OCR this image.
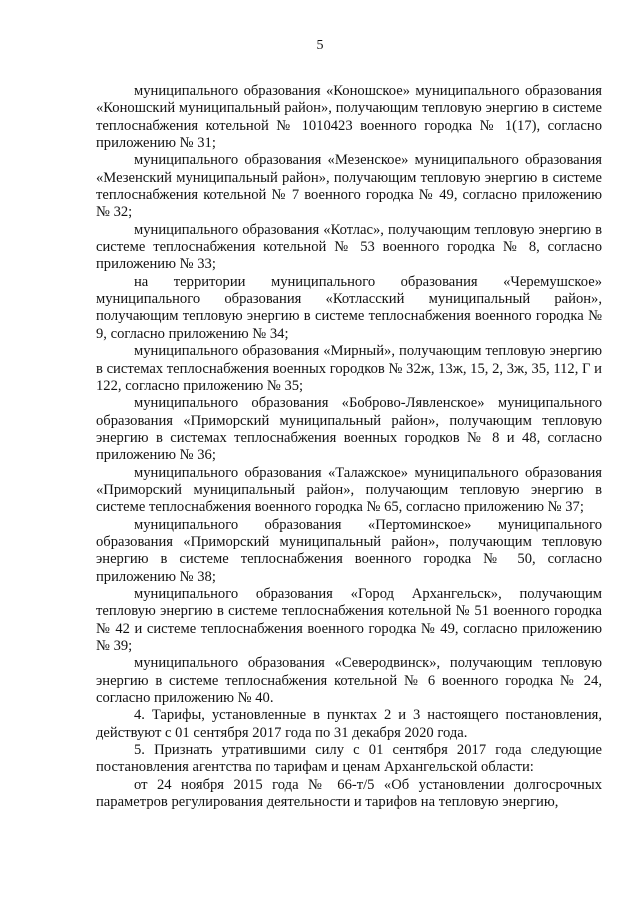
5

муниципального образования «Коношское» муниципального образования «Коношский муниципальный район», получающим тепловую энергию в системе теплоснабжения котельной № 1010423 военного городка № 1(17), согласно приложению № 31;

муниципального образования «Мезенское» муниципального образования «Мезенский муниципальный район», получающим тепловую энергию в системе теплоснабжения котельной № 7 военного городка № 49, согласно приложению № 32;

муниципального образования «Котлас», получающим тепловую энергию в системе теплоснабжения котельной № 53 военного городка № 8, согласно приложению № 33;

на территории муниципального образования «Черемушское» муниципального образования «Котласский муниципальный район», получающим тепловую энергию в системе теплоснабжения военного городка № 9, согласно приложению № 34;

муниципального образования «Мирный», получающим тепловую энергию в системах теплоснабжения военных городков № 32ж, 13ж, 15, 2, 3ж, 35, 112, Г и 122, согласно приложению № 35;

муниципального образования «Боброво-Лявленское» муниципального образования «Приморский муниципальный район», получающим тепловую энергию в системах теплоснабжения военных городков № 8 и 48, согласно приложению № 36;

муниципального образования «Талажское» муниципального образования «Приморский муниципальный район», получающим тепловую энергию в системе теплоснабжения военного городка № 65, согласно приложению № 37;

муниципального образования «Пертоминское» муниципального образования «Приморский муниципальный район», получающим тепловую энергию в системе теплоснабжения военного городка № 50, согласно приложению № 38;

муниципального образования «Город Архангельск», получающим тепловую энергию в системе теплоснабжения котельной № 51 военного городка № 42 и системе теплоснабжения военного городка № 49, согласно приложению № 39;

муниципального образования «Северодвинск», получающим тепловую энергию в системе теплоснабжения котельной № 6 военного городка № 24, согласно приложению № 40.

4. Тарифы, установленные в пунктах 2 и 3 настоящего постановления, действуют с 01 сентября 2017 года по 31 декабря 2020 года.

5. Признать утратившими силу с 01 сентября 2017 года следующие постановления агентства по тарифам и ценам Архангельской области:

от 24 ноября 2015 года № 66-т/5 «Об установлении долгосрочных параметров регулирования деятельности и тарифов на тепловую энергию,
